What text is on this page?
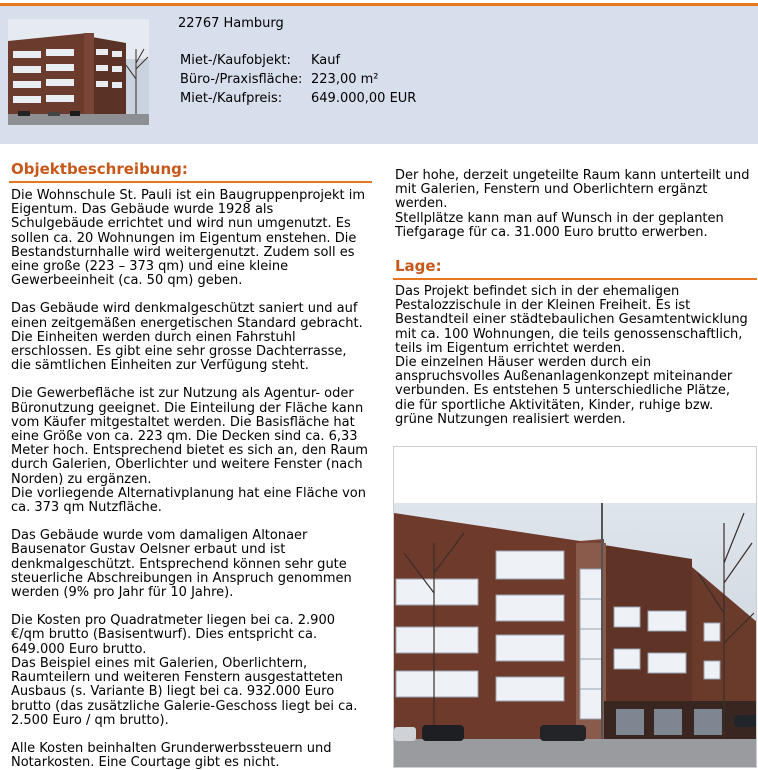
22767 Hamburg
Miet-/Kaufobjekt:	Kauf
Büro-/Praxisfläche: 223,00 m²
Miet-/Kaufpreis:	649.000,00 EUR
Objektbeschreibung:

Die Wohnschule St. Pauli ist ein Baugruppenprojekt im Eigentum. Das Gebäude wurde 1928 als Schulgebäude errichtet und wird nun umgenutzt. Es sollen ca. 20 Wohnungen im Eigentum enstehen. Die Bestandsturnhalle wird weitergenutzt. Zudem soll es eine große (223 – 373 qm) und eine kleine Gewerbeeinheit (ca. 50 qm) geben.

Das Gebäude wird denkmalgeschützt saniert und auf einen zeitgemäßen energetischen Standard gebracht. Die Einheiten werden durch einen Fahrstuhl erschlossen. Es gibt eine sehr grosse Dachterrasse, die sämtlichen Einheiten zur Verfügung steht.

Die Gewerbefläche ist zur Nutzung als Agentur- oder Büronutzung geeignet. Die Einteilung der Fläche kann vom Käufer mitgestaltet werden. Die Basisfläche hat eine Größe von ca. 223 qm. Die Decken sind ca. 6,33 Meter hoch. Entsprechend bietet es sich an, den Raum durch Galerien, Oberlichter und weitere Fenster (nach Norden) zu ergänzen.
Die vorliegende Alternativplanung hat eine Fläche von ca. 373 qm Nutzfläche.

Das Gebäude wurde vom damaligen Altonaer Bausenator Gustav Oelsner erbaut und ist denkmalgeschützt. Entsprechend können sehr gute steuerliche Abschreibungen in Anspruch genommen werden (9% pro Jahr für 10 Jahre).

Die Kosten pro Quadratmeter liegen bei ca. 2.900 €/qm brutto (Basisentwurf). Dies entspricht ca. 649.000 Euro brutto.
Das Beispiel eines mit Galerien, Oberlichtern, Raumteilern und weiteren Fenstern ausgestatteten Ausbaus (s. Variante B) liegt bei ca. 932.000 Euro brutto (das zusätzliche Galerie-Geschoss liegt bei ca. 2.500 Euro / qm brutto).

Alle Kosten beinhalten Grunderwerbssteuern und Notarkosten. Eine Courtage gibt es nicht.

Der hohe, derzeit ungeteilte Raum kann unterteilt und mit Galerien, Fenstern und Oberlichtern ergänzt werden.
Stellplätze kann man auf Wunsch in der geplanten Tiefgarage für ca. 31.000 Euro brutto erwerben.
Lage:
Das Projekt befindet sich in der ehemaligen Pestalozzischule in der Kleinen Freiheit. Es ist Bestandteil einer städtebaulichen Gesamtentwicklung mit ca. 100 Wohnungen, die teils genossenschaftlich, teils im Eigentum errichtet werden.
Die einzelnen Häuser werden durch ein anspruchsvolles Außenanlagenkonzept miteinander verbunden. Es entstehen 5 unterschiedliche Plätze, die für sportliche Aktivitäten, Kinder, ruhige bzw. grüne Nutzungen realisiert werden.
